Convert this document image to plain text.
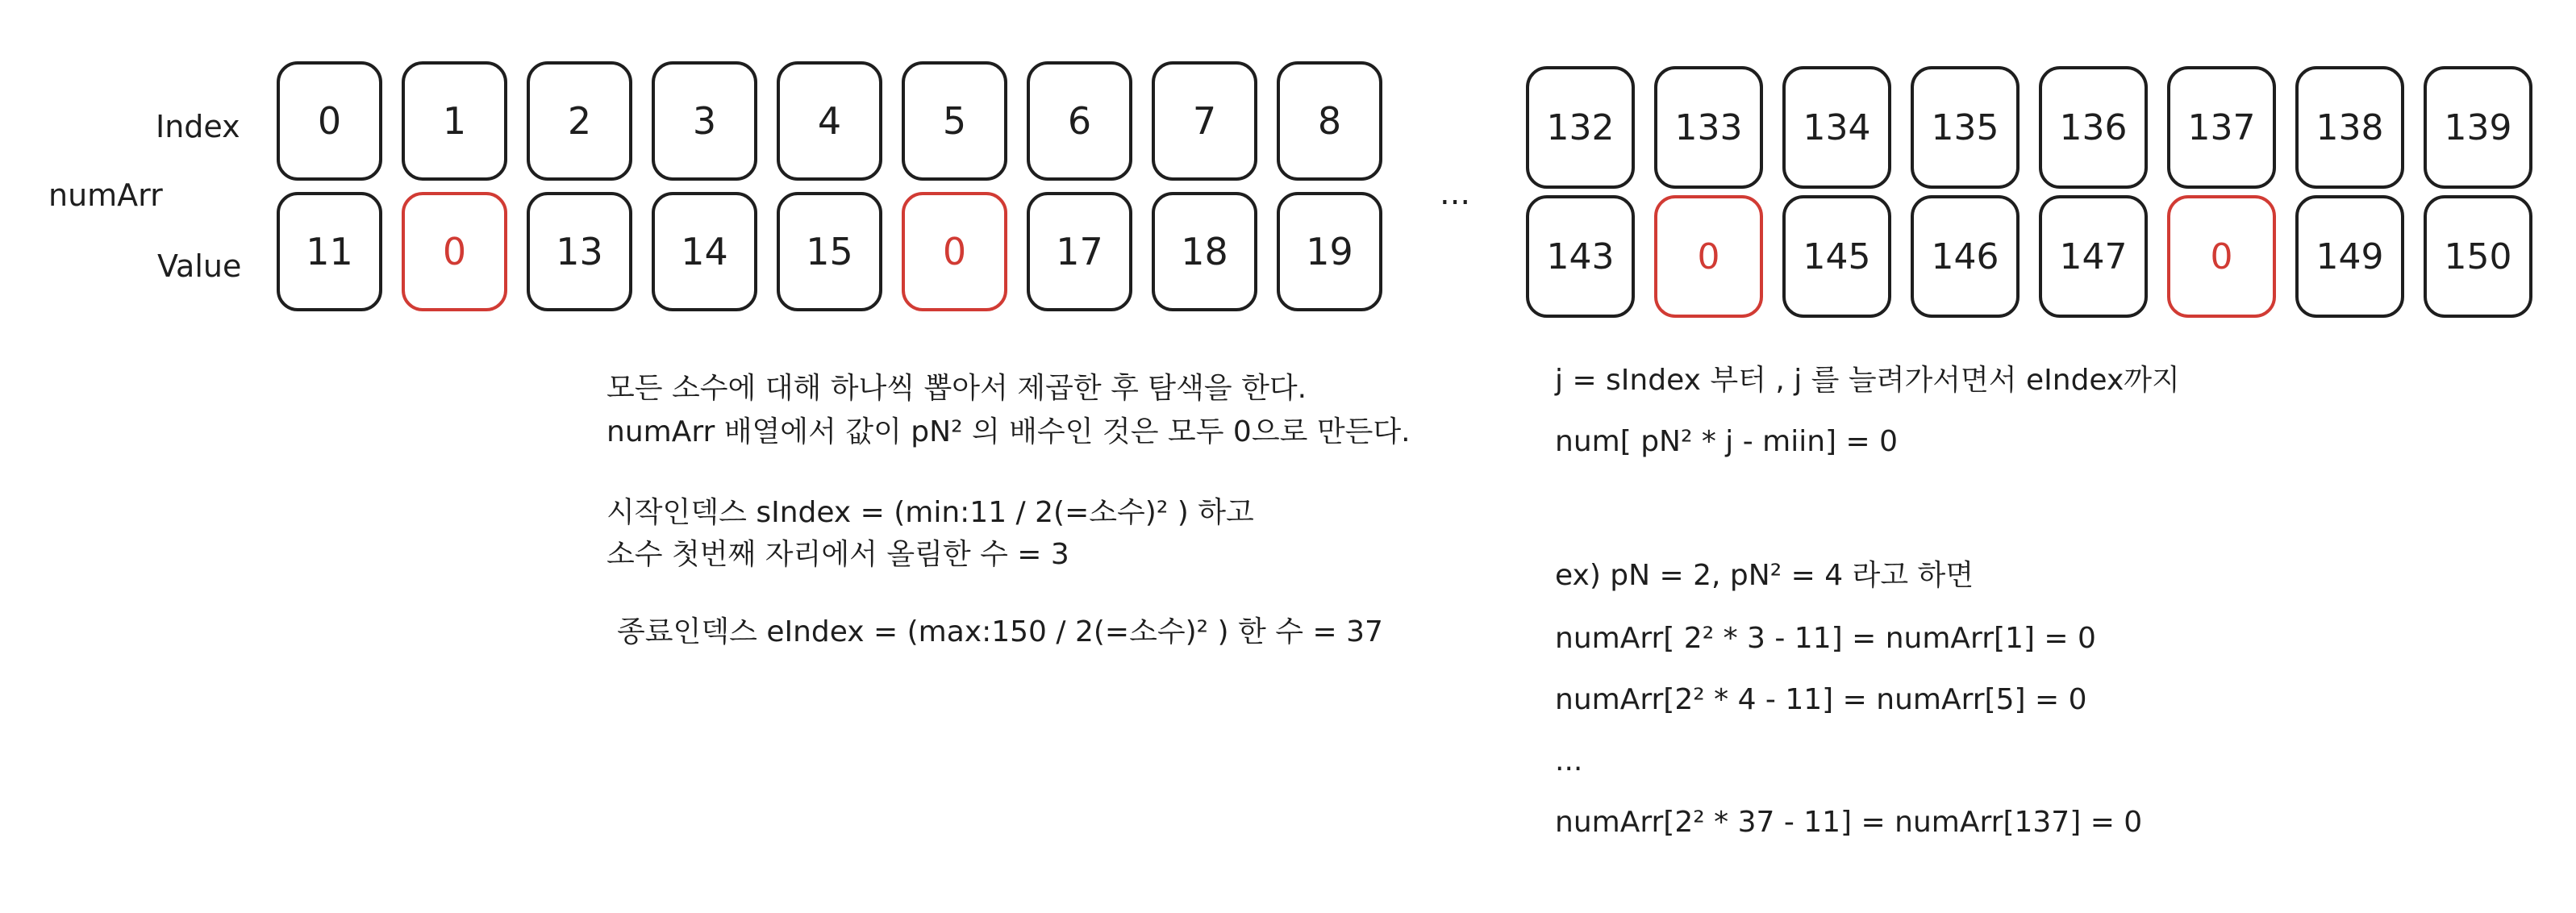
numArr
Index
Value
0	1	2	3	4	5	6	7	8
11	0	13	14	15	0	17	18	19
...
132	133	134	135	136	137	138	139
143	0	145	146	147	0	149	150
모든 소수에 대해 하나씩 뽑아서 제곱한 후 탐색을 한다.
numArr 배열에서 값이 pN² 의 배수인 것은 모두 0으로 만든다.
시작인덱스 sIndex = (min:11 / 2(=소수)² ) 하고
소수 첫번째 자리에서 올림한 수 = 3
종료인덱스 eIndex = (max:150 / 2(=소수)² ) 한 수 = 37
j = sIndex 부터 , j 를 늘려가서면서 eIndex까지
num[ pN² * j - miin] = 0
ex) pN = 2, pN² = 4 라고 하면
numArr[ 2² * 3 - 11] = numArr[1] = 0
numArr[2² * 4 - 11] = numArr[5] = 0
...
numArr[2² * 37 - 11] = numArr[137] = 0
